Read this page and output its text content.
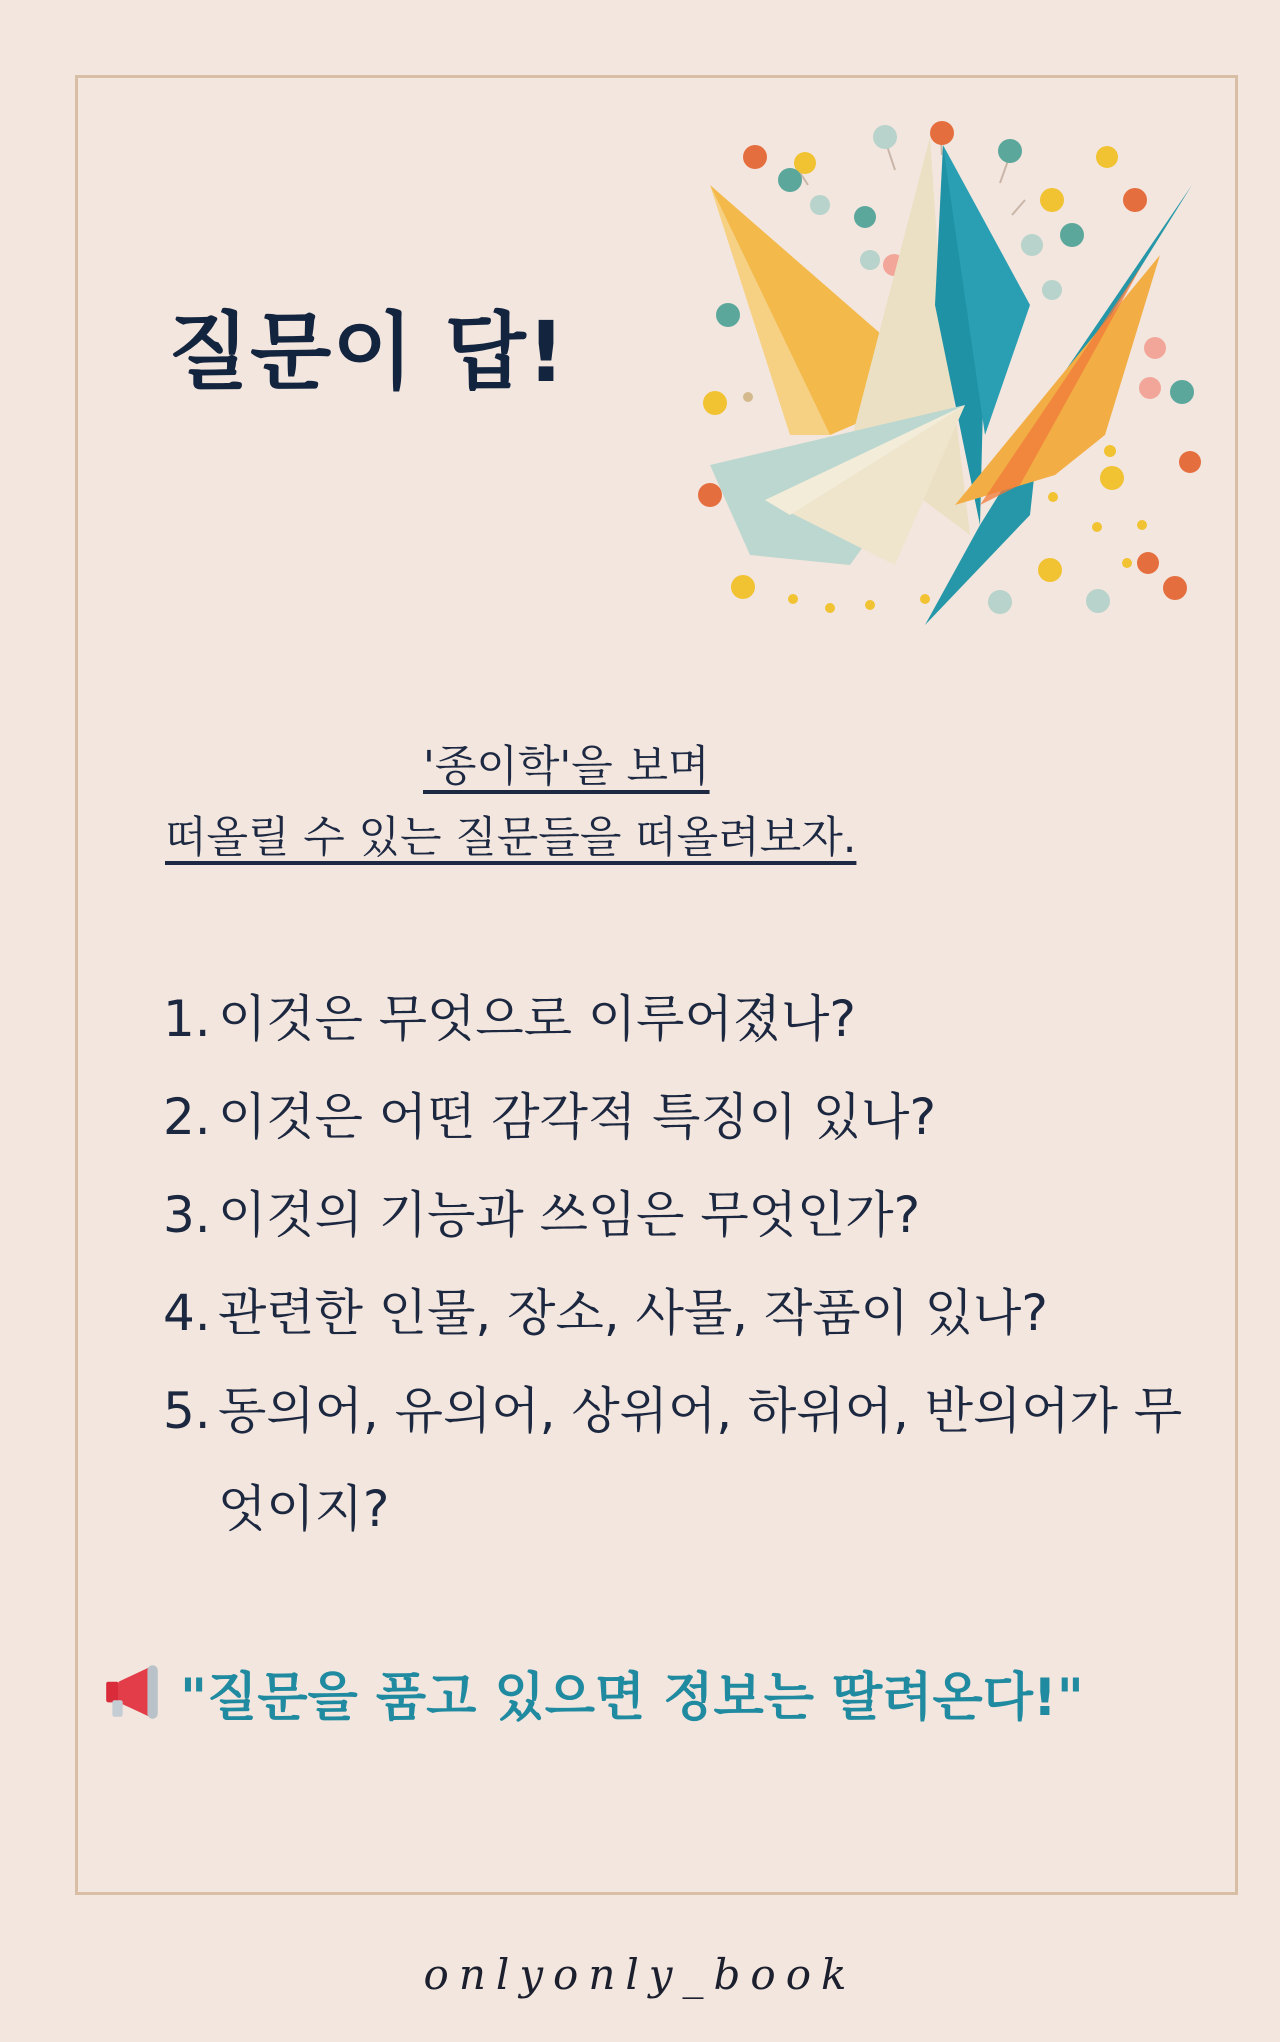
질문이 답!
'종이학'을 보며
떠올릴 수 있는 질문들을 떠올려보자.
1. 이것은 무엇으로 이루어졌나?
2. 이것은 어떤 감각적 특징이 있나?
3. 이것의 기능과 쓰임은 무엇인가?
4. 관련한 인물, 장소, 사물, 작품이 있나?
5. 동의어, 유의어, 상위어, 하위어, 반의어가 무엇이지?
"질문을 품고 있으면 정보는 딸려온다!"
onlyonly_book
